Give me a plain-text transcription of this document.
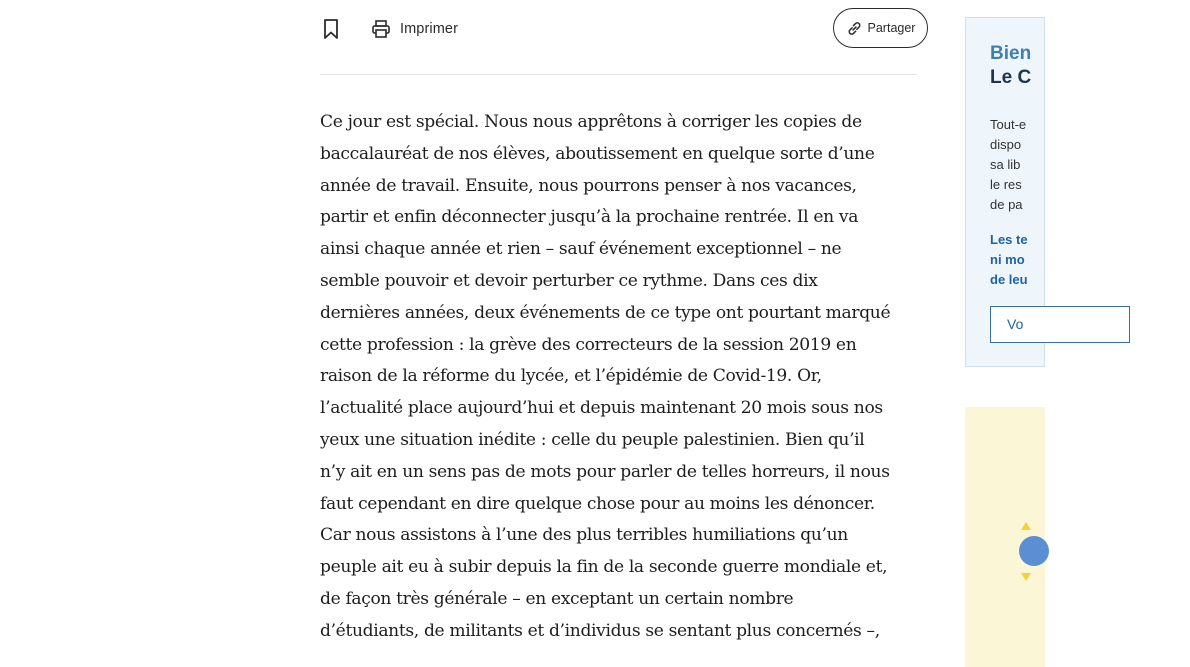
Imprimer	Partager

Ce jour est spécial. Nous nous apprêtons à corriger les copies de
baccalauréat de nos élèves, aboutissement en quelque sorte d’une
année de travail. Ensuite, nous pourrons penser à nos vacances,
partir et enfin déconnecter jusqu’à la prochaine rentrée. Il en va
ainsi chaque année et rien – sauf événement exceptionnel – ne
semble pouvoir et devoir perturber ce rythme. Dans ces dix
dernières années, deux événements de ce type ont pourtant marqué
cette profession : la grève des correcteurs de la session 2019 en
raison de la réforme du lycée, et l’épidémie de Covid-19. Or,
l’actualité place aujourd’hui et depuis maintenant 20 mois sous nos
yeux une situation inédite : celle du peuple palestinien. Bien qu’il
n’y ait en un sens pas de mots pour parler de telles horreurs, il nous
faut cependant en dire quelque chose pour au moins les dénoncer.
Car nous assistons à l’une des plus terribles humiliations qu’un
peuple ait eu à subir depuis la fin de la seconde guerre mondiale et,
de façon très générale – en exceptant un certain nombre
d’étudiants, de militants et d’individus se sentant plus concernés –,

Bien
Le C
Tout-e
dispo
sa lib
le res
de pa
Les te
ni mo
de leu
Vo
